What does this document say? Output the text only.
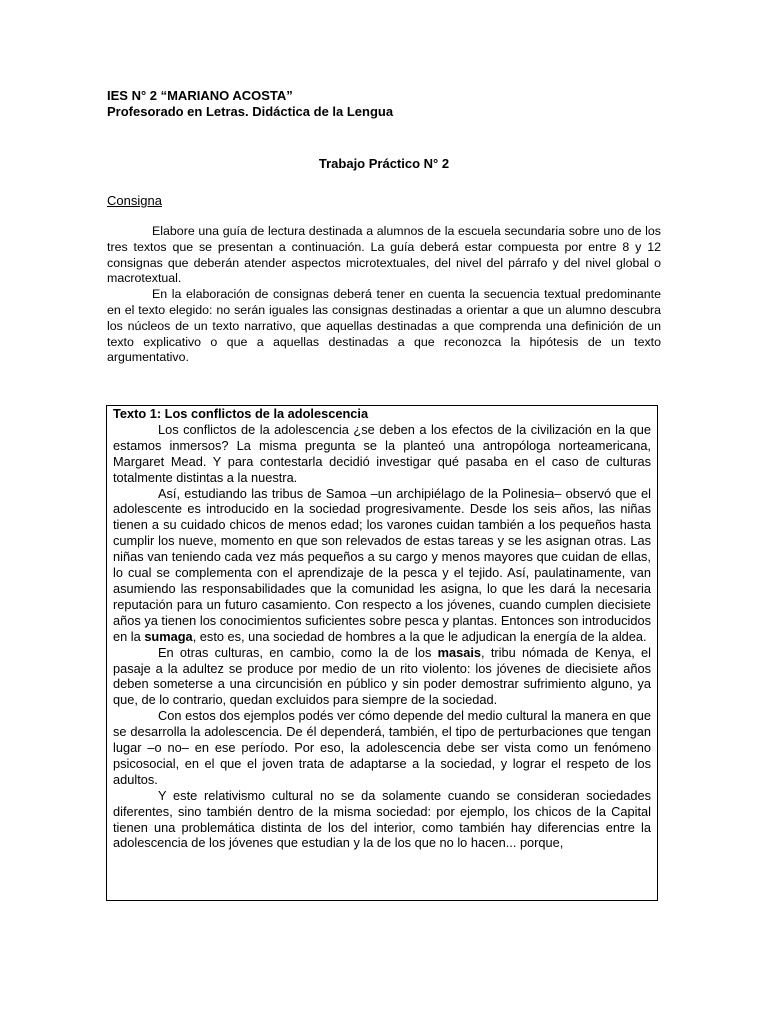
IES N° 2 “MARIANO ACOSTA”

Profesorado en Letras. Didáctica de la Lengua

Trabajo Práctico N° 2

Consigna

Elabore una guía de lectura destinada a alumnos de la escuela secundaria sobre uno de los tres textos que se presentan a continuación. La guía deberá estar compuesta por entre 8 y 12 consignas que deberán atender aspectos microtextuales, del nivel del párrafo y del nivel global o macrotextual.

En la elaboración de consignas deberá tener en cuenta la secuencia textual predominante en el texto elegido: no serán iguales las consignas destinadas a orientar a que un alumno descubra los núcleos de un texto narrativo, que aquellas destinadas a que comprenda una definición de un texto explicativo o que a aquellas destinadas a que reconozca la hipótesis de un texto argumentativo.

Texto 1: Los conflictos de la adolescencia

Los conflictos de la adolescencia ¿se deben a los efectos de la civilización en la que estamos inmersos? La misma pregunta se la planteó una antropóloga norteamericana, Margaret Mead. Y para contestarla decidió investigar qué pasaba en el caso de culturas totalmente distintas a la nuestra.

Así, estudiando las tribus de Samoa –un archipiélago de la Polinesia– observó que el adolescente es introducido en la sociedad progresivamente. Desde los seis años, las niñas tienen a su cuidado chicos de menos edad; los varones cuidan también a los pequeños hasta cumplir los nueve, momento en que son relevados de estas tareas y se les asignan otras. Las niñas van teniendo cada vez más pequeños a su cargo y menos mayores que cuidan de ellas, lo cual se complementa con el aprendizaje de la pesca y el tejido. Así, paulatinamente, van asumiendo las responsabilidades que la comunidad les asigna, lo que les dará la necesaria reputación para un futuro casamiento. Con respecto a los jóvenes, cuando cumplen diecisiete años ya tienen los conocimientos suficientes sobre pesca y plantas. Entonces son introducidos en la sumaga, esto es, una sociedad de hombres a la que le adjudican la energía de la aldea.

En otras culturas, en cambio, como la de los masais, tribu nómada de Kenya, el pasaje a la adultez se produce por medio de un rito violento: los jóvenes de diecisiete años deben someterse a una circuncisión en público y sin poder demostrar sufrimiento alguno, ya que, de lo contrario, quedan excluidos para siempre de la sociedad.

Con estos dos ejemplos podés ver cómo depende del medio cultural la manera en que se desarrolla la adolescencia. De él dependerá, también, el tipo de perturbaciones que tengan lugar –o no– en ese período. Por eso, la adolescencia debe ser vista como un fenómeno psicosocial, en el que el joven trata de adaptarse a la sociedad, y lograr el respeto de los adultos.

Y este relativismo cultural no se da solamente cuando se consideran sociedades diferentes, sino también dentro de la misma sociedad: por ejemplo, los chicos de la Capital tienen una problemática distinta de los del interior, como también hay diferencias entre la adolescencia de los jóvenes que estudian y la de los que no lo hacen... porque,
